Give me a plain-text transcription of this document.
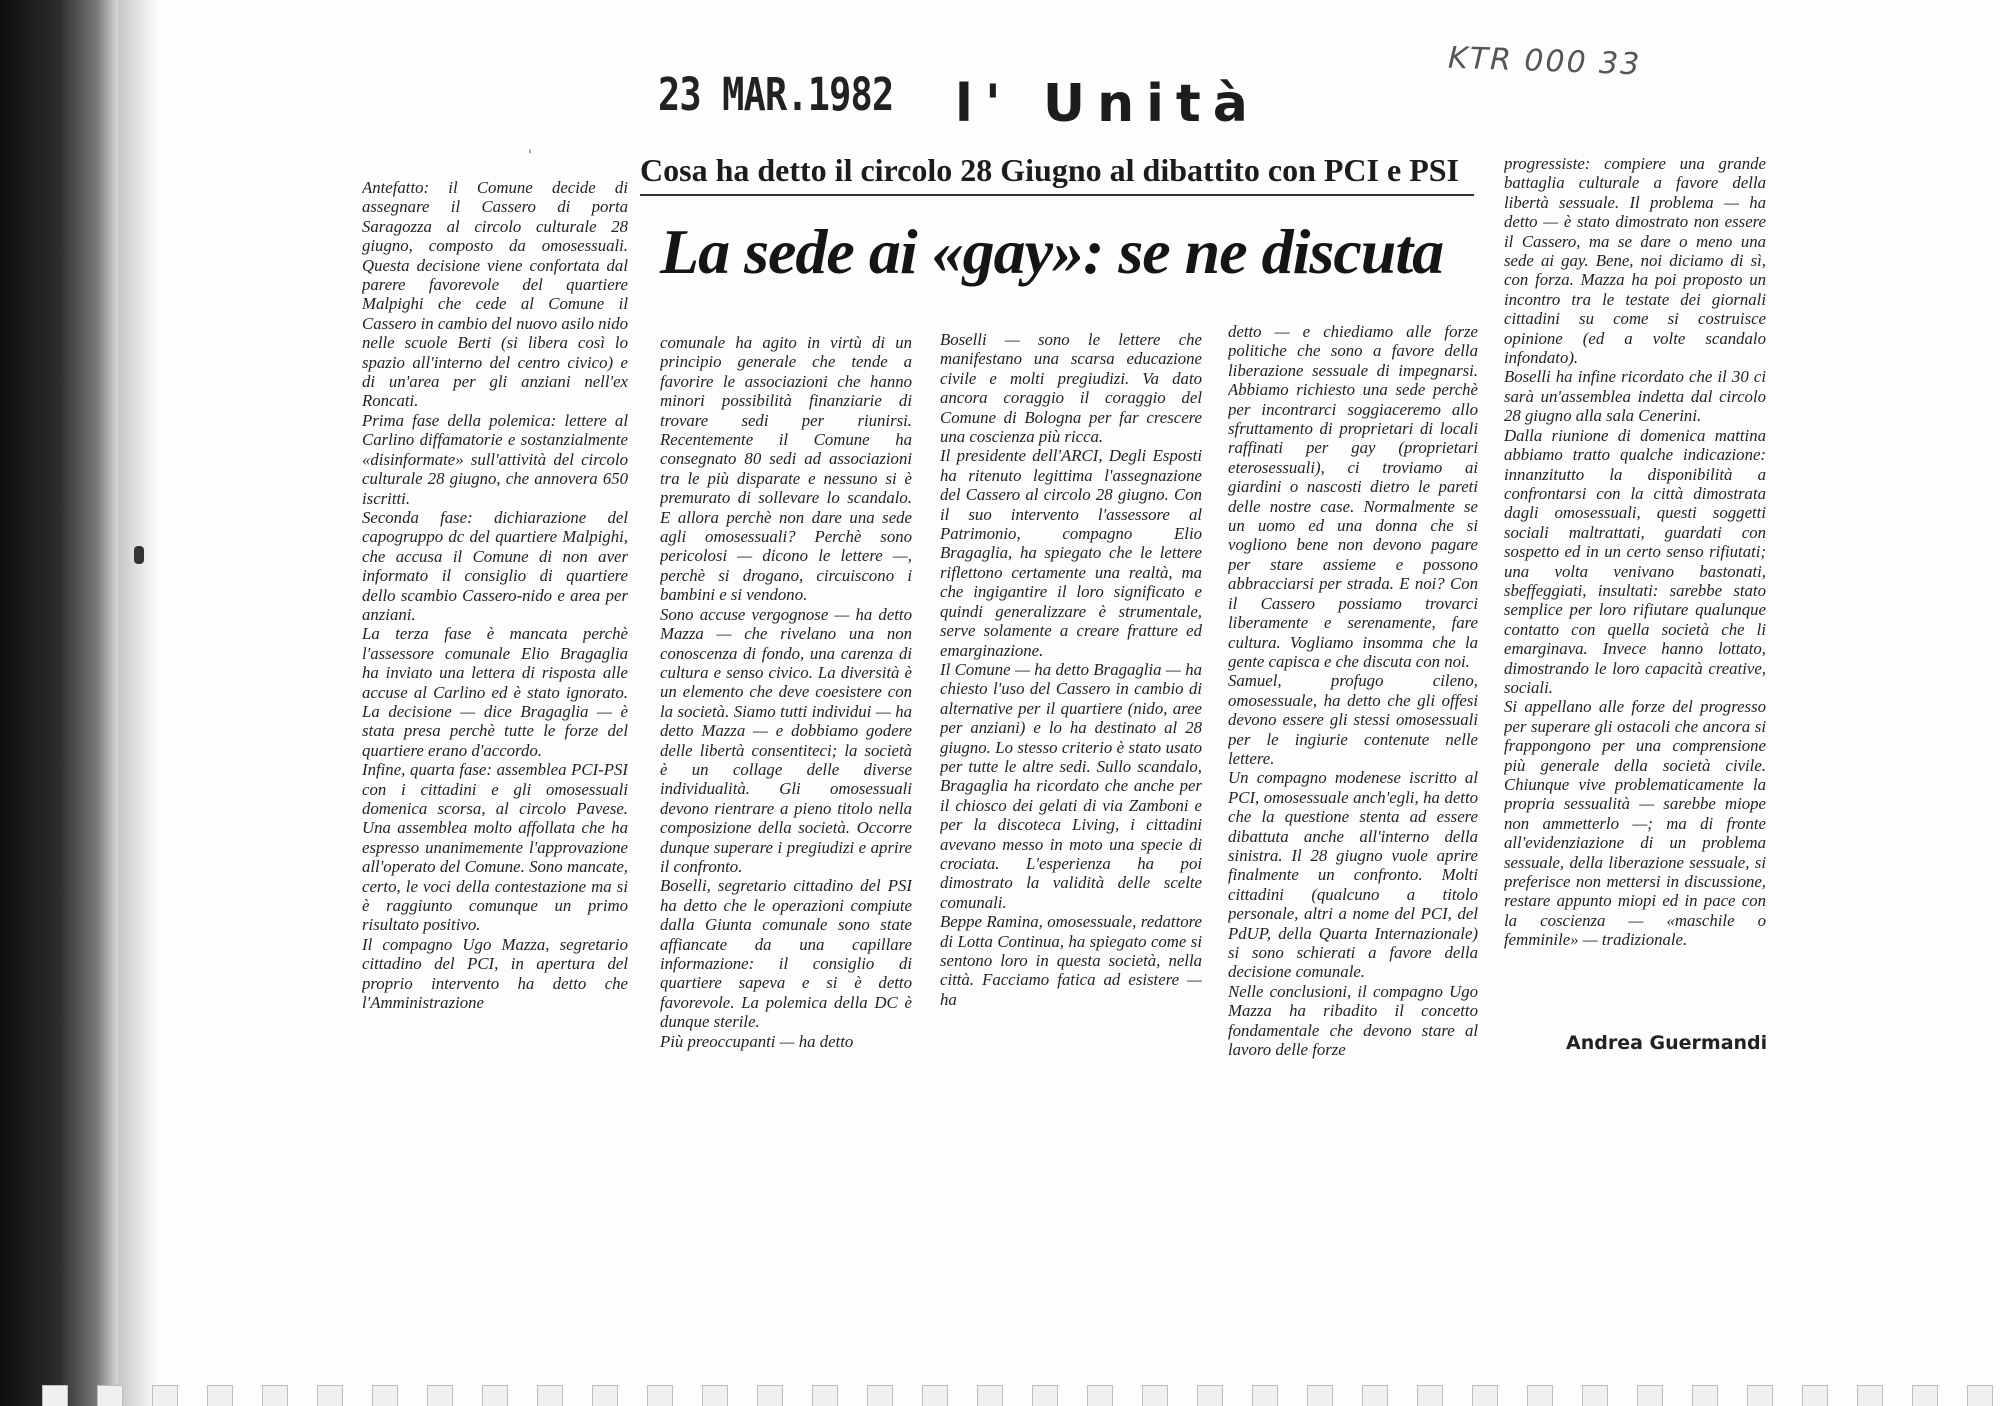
'
23 MAR.1982 l' Unità
KTR 000 33
Cosa ha detto il circolo 28 Giugno al dibattito con PCI e PSI
La sede ai «gay»: se ne discuta

Antefatto: il Comune decide di assegnare il Cassero di porta Saragozza al circolo culturale 28 giugno, composto da omosessuali. Questa decisione viene confortata dal parere favorevole del quartiere Malpighi che cede al Comune il Cassero in cambio del nuovo asilo nido nelle scuole Berti (si libera così lo spazio all'interno del centro civico) e di un'area per gli anziani nell'ex Roncati.

Prima fase della polemica: lettere al Carlino diffamatorie e sostanzialmente «disinformate» sull'attività del circolo culturale 28 giugno, che annovera 650 iscritti.

Seconda fase: dichiarazione del capogruppo dc del quartiere Malpighi, che accusa il Comune di non aver informato il consiglio di quartiere dello scambio Cassero-nido e area per anziani.

La terza fase è mancata perchè l'assessore comunale Elio Bragaglia ha inviato una lettera di risposta alle accuse al Carlino ed è stato ignorato. La decisione — dice Bragaglia — è stata presa perchè tutte le forze del quartiere erano d'accordo.

Infine, quarta fase: assemblea PCI-PSI con i cittadini e gli omosessuali domenica scorsa, al circolo Pavese. Una assemblea molto affollata che ha espresso unanimemente l'approvazione all'operato del Comune. Sono mancate, certo, le voci della contestazione ma si è raggiunto comunque un primo risultato positivo.

Il compagno Ugo Mazza, segretario cittadino del PCI, in apertura del proprio intervento ha detto che l'Amministrazione

comunale ha agito in virtù di un principio generale che tende a favorire le associazioni che hanno minori possibilità finanziarie di trovare sedi per riunirsi. Recentemente il Comune ha consegnato 80 sedi ad associazioni tra le più disparate e nessuno si è premurato di sollevare lo scandalo. E allora perchè non dare una sede agli omosessuali? Perchè sono pericolosi — dicono le lettere —, perchè si drogano, circuiscono i bambini e si vendono.

Sono accuse vergognose — ha detto Mazza — che rivelano una non conoscenza di fondo, una carenza di cultura e senso civico. La diversità è un elemento che deve coesistere con la società. Siamo tutti individui — ha detto Mazza — e dobbiamo godere delle libertà consentiteci; la società è un collage delle diverse individualità. Gli omosessuali devono rientrare a pieno titolo nella composizione della società. Occorre dunque superare i pregiudizi e aprire il confronto.

Boselli, segretario cittadino del PSI ha detto che le operazioni compiute dalla Giunta comunale sono state affiancate da una capillare informazione: il consiglio di quartiere sapeva e si è detto favorevole. La polemica della DC è dunque sterile.

Più preoccupanti — ha detto

Boselli — sono le lettere che manifestano una scarsa educazione civile e molti pregiudizi. Va dato ancora coraggio il coraggio del Comune di Bologna per far crescere una coscienza più ricca.

Il presidente dell'ARCI, Degli Esposti ha ritenuto legittima l'assegnazione del Cassero al circolo 28 giugno. Con il suo intervento l'assessore al Patrimonio, compagno Elio Bragaglia, ha spiegato che le lettere riflettono certamente una realtà, ma che ingigantire il loro significato e quindi generalizzare è strumentale, serve solamente a creare fratture ed emarginazione.

Il Comune — ha detto Bragaglia — ha chiesto l'uso del Cassero in cambio di alternative per il quartiere (nido, aree per anziani) e lo ha destinato al 28 giugno. Lo stesso criterio è stato usato per tutte le altre sedi. Sullo scandalo, Bragaglia ha ricordato che anche per il chiosco dei gelati di via Zamboni e per la discoteca Living, i cittadini avevano messo in moto una specie di crociata. L'esperienza ha poi dimostrato la validità delle scelte comunali.

Beppe Ramina, omosessuale, redattore di Lotta Continua, ha spiegato come si sentono loro in questa società, nella città. Facciamo fatica ad esistere — ha

detto — e chiediamo alle forze politiche che sono a favore della liberazione sessuale di impegnarsi. Abbiamo richiesto una sede perchè per incontrarci soggiaceremo allo sfruttamento di proprietari di locali raffinati per gay (proprietari eterosessuali), ci troviamo ai giardini o nascosti dietro le pareti delle nostre case. Normalmente se un uomo ed una donna che si vogliono bene non devono pagare per stare assieme e possono abbracciarsi per strada. E noi? Con il Cassero possiamo trovarci liberamente e serenamente, fare cultura. Vogliamo insomma che la gente capisca e che discuta con noi.

Samuel, profugo cileno, omosessuale, ha detto che gli offesi devono essere gli stessi omosessuali per le ingiurie contenute nelle lettere.

Un compagno modenese iscritto al PCI, omosessuale anch'egli, ha detto che la questione stenta ad essere dibattuta anche all'interno della sinistra. Il 28 giugno vuole aprire finalmente un confronto. Molti cittadini (qualcuno a titolo personale, altri a nome del PCI, del PdUP, della Quarta Internazionale) si sono schierati a favore della decisione comunale.

Nelle conclusioni, il compagno Ugo Mazza ha ribadito il concetto fondamentale che devono stare al lavoro delle forze

progressiste: compiere una grande battaglia culturale a favore della libertà sessuale. Il problema — ha detto — è stato dimostrato non essere il Cassero, ma se dare o meno una sede ai gay. Bene, noi diciamo di sì, con forza. Mazza ha poi proposto un incontro tra le testate dei giornali cittadini su come si costruisce opinione (ed a volte scandalo infondato).

Boselli ha infine ricordato che il 30 ci sarà un'assemblea indetta dal circolo 28 giugno alla sala Cenerini.

Dalla riunione di domenica mattina abbiamo tratto qualche indicazione: innanzitutto la disponibilità a confrontarsi con la città dimostrata dagli omosessuali, questi soggetti sociali maltrattati, guardati con sospetto ed in un certo senso rifiutati; una volta venivano bastonati, sbeffeggiati, insultati: sarebbe stato semplice per loro rifiutare qualunque contatto con quella società che li emarginava. Invece hanno lottato, dimostrando le loro capacità creative, sociali.

Si appellano alle forze del progresso per superare gli ostacoli che ancora si frappongono per una comprensione più generale della società civile. Chiunque vive problematicamente la propria sessualità — sarebbe miope non ammetterlo —; ma di fronte all'evidenziazione di un problema sessuale, della liberazione sessuale, si preferisce non mettersi in discussione, restare appunto miopi ed in pace con la coscienza — «maschile o femminile» — tradizionale.

Andrea Guermandi
